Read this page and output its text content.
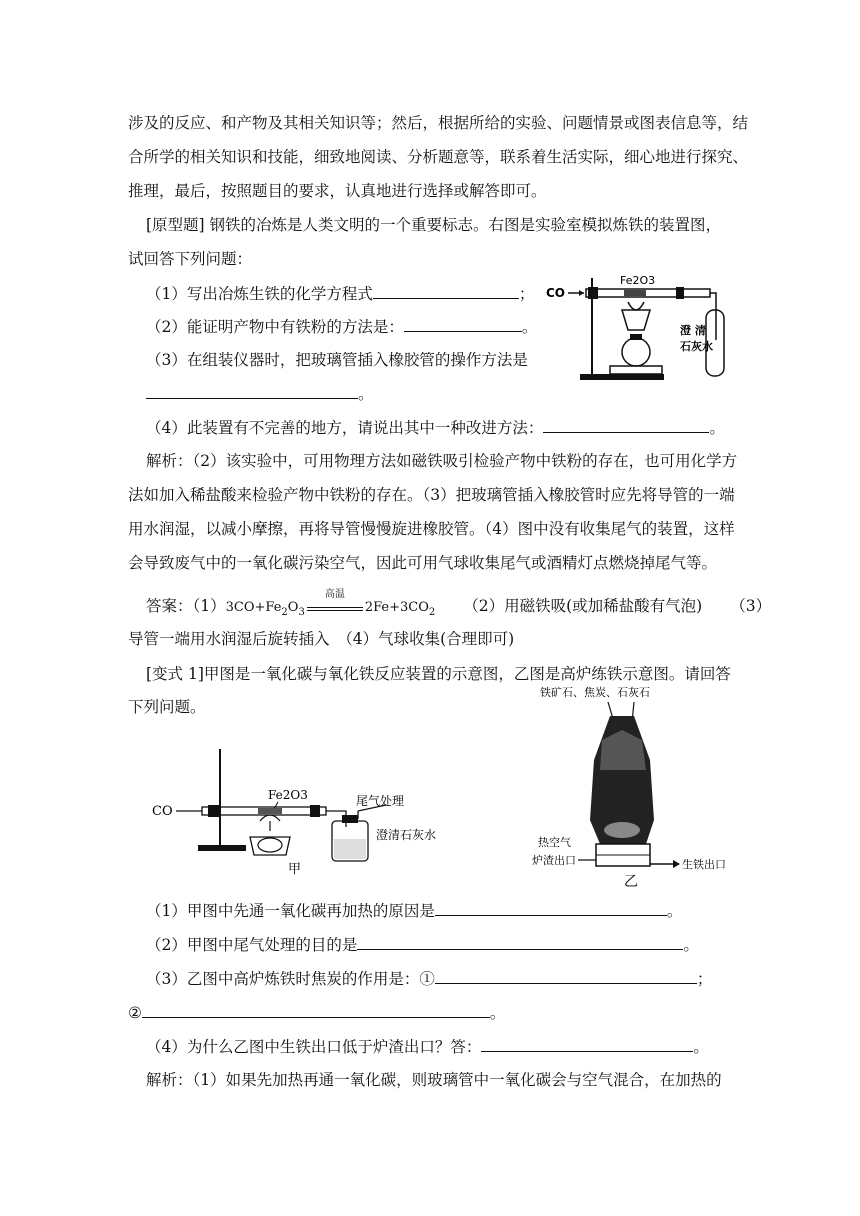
涉及的反应、和产物及其相关知识等；然后，根据所给的实验、问题情景或图表信息等，结
合所学的相关知识和技能，细致地阅读、分析题意等，联系着生活实际，细心地进行探究、
推理，最后，按照题目的要求，认真地进行选择或解答即可。
[原型题] 钢铁的冶炼是人类文明的一个重要标志。右图是实验室模拟炼铁的装置图，
试回答下列问题：
（1）写出冶炼生铁的化学方程式	；
（2）能证明产物中有铁粉的方法是：	。
（3）在组装仪器时，把玻璃管插入橡胶管的操作方法是
。
（4）此装置有不完善的地方，请说出其中一种改进方法：	。
CO
Fe2O3
澄 清
石灰水
解析：（2）该实验中，可用物理方法如磁铁吸引检验产物中铁粉的存在，也可用化学方
法如加入稀盐酸来检验产物中铁粉的存在。（3）把玻璃管插入橡胶管时应先将导管的一端
用水润湿，以减小摩擦，再将导管慢慢旋进橡胶管。（4）图中没有收集尾气的装置，这样
会导致废气中的一氧化碳污染空气，因此可用气球收集尾气或酒精灯点燃烧掉尾气等。
答案：$(1)3CO+Fe_2O_3$
高温
$2Fe+3CO_2$ （2）用磁铁吸(或加稀盐酸有气泡) （3）
导管一端用水润湿后旋转插入　（4）气球收集(合理即可)
[变式 1]甲图是一氧化碳与氧化铁反应装置的示意图，乙图是高炉练铁示意图。请回答
下列问题。
CO
Fe2O3	尾气处理
澄清石灰水
甲
铁矿石、焦炭、石灰石
热空气
炉渣出口	生铁出口
乙
（1）甲图中先通一氧化碳再加热的原因是	。
（2）甲图中尾气处理的目的是	。
（3）乙图中高炉炼铁时焦炭的作用是：①	；
②	。
（4）为什么乙图中生铁出口低于炉渣出口？答：	。
解析：（1）如果先加热再通一氧化碳，则玻璃管中一氧化碳会与空气混合，在加热的
